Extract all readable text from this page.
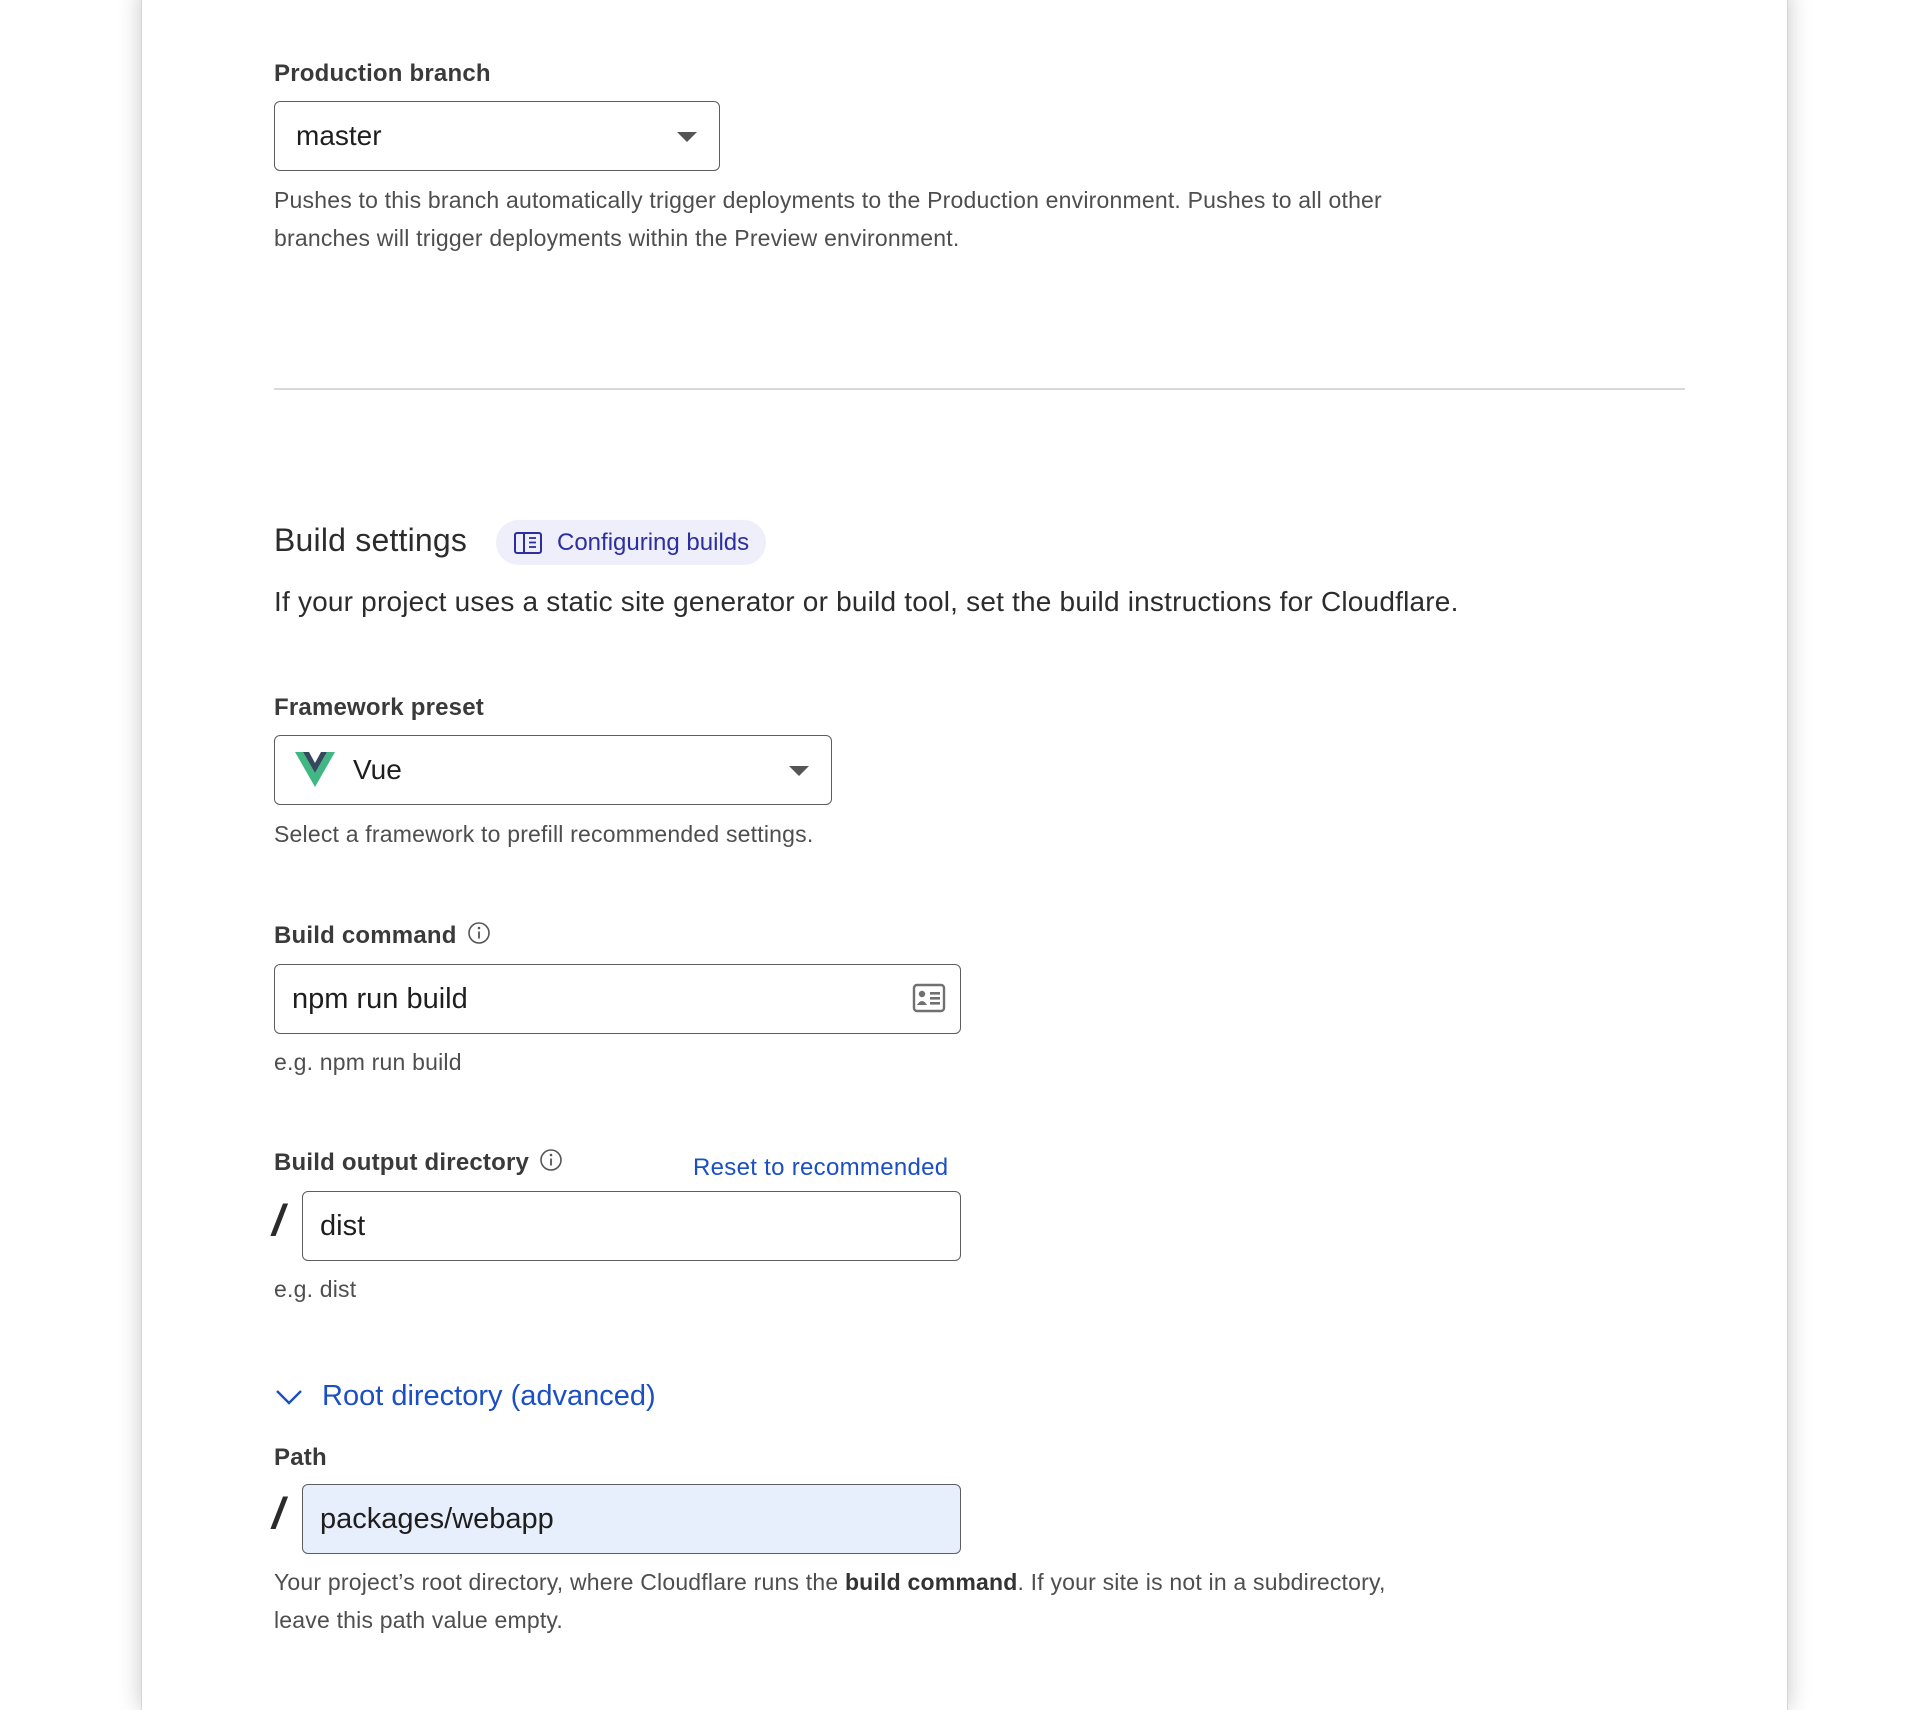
Production branch
master
Pushes to this branch automatically trigger deployments to the Production environment. Pushes to all other
branches will trigger deployments within the Preview environment.
Build settings	Configuring builds
If your project uses a static site generator or build tool, set the build instructions for Cloudflare.
Framework preset
Vue
Select a framework to prefill recommended settings.
Build command
npm run build
e.g. npm run build
Build output directory	Reset to recommended
/ dist
e.g. dist
Root directory (advanced)
Path
/ packages/webapp
Your project’s root directory, where Cloudflare runs the build command. If your site is not in a subdirectory,
leave this path value empty.
